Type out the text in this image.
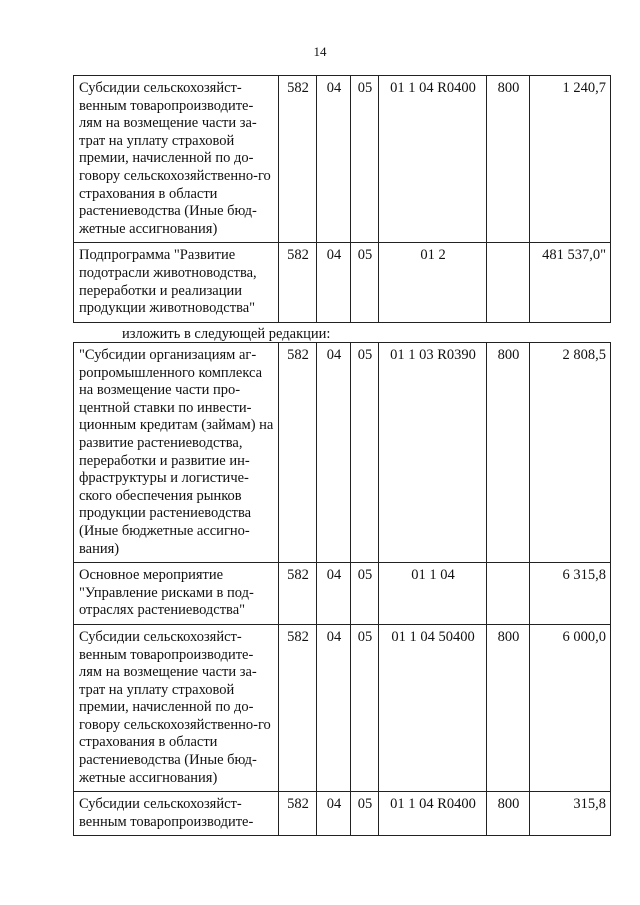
14
Субсидии сельскохозяйст-венным товаропроизводите-лям на возмещение части за-трат на уплату страховой премии, начисленной по до-говору сельскохозяйственно-го страхования в области растениеводства (Иные бюд-жетные ассигнования)	582	04	05	01 1 04 R0400	800	1 240,7
Подпрограмма "Развитие подотрасли животноводства, переработки и реализации продукции животноводства"	582	04	05	01 2		481 537,0"
изложить в следующей редакции:
"Субсидии организациям аг-ропромышленного комплекса на возмещение части про-центной ставки по инвести-ционным кредитам (займам) на развитие растениеводства, переработки и развитие ин-фраструктуры и логистиче-ского обеспечения рынков продукции растениеводства (Иные бюджетные ассигно-вания)	582	04	05	01 1 03 R0390	800	2 808,5
Основное мероприятие "Управление рисками в под-отраслях растениеводства"	582	04	05	01 1 04		6 315,8
Субсидии сельскохозяйст-венным товаропроизводите-лям на возмещение части за-трат на уплату страховой премии, начисленной по до-говору сельскохозяйственно-го страхования в области растениеводства (Иные бюд-жетные ассигнования)	582	04	05	01 1 04 50400	800	6 000,0
Субсидии сельскохозяйст-венным товаропроизводите-	582	04	05	01 1 04 R0400	800	315,8
